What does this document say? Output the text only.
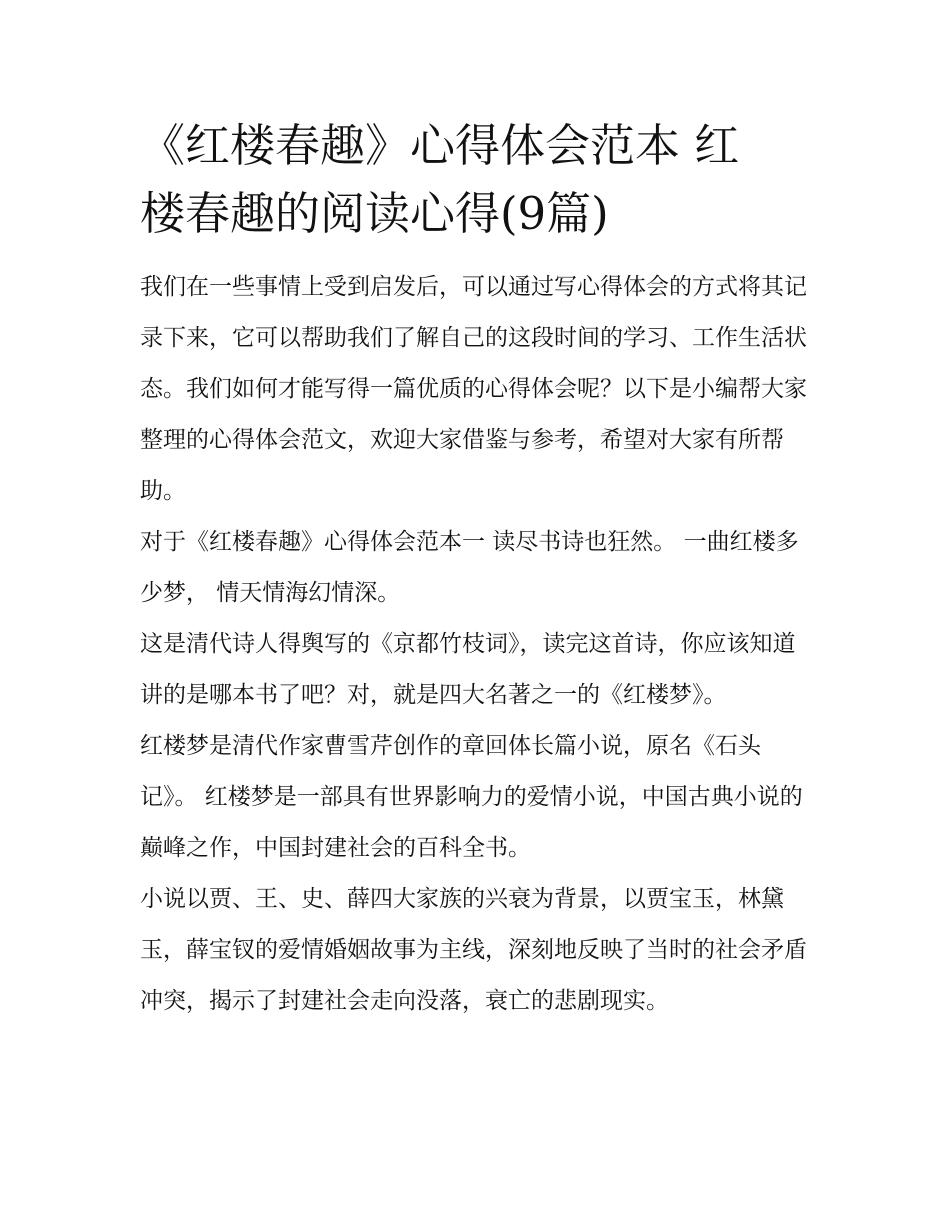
《红楼春趣》心得体会范本 红
楼春趣的阅读心得(9篇)

我们在一些事情上受到启发后，可以通过写心得体会的方式将其记录下来，它可以帮助我们了解自己的这段时间的学习、工作生活状态。我们如何才能写得一篇优质的心得体会呢？以下是小编帮大家整理的心得体会范文，欢迎大家借鉴与参考，希望对大家有所帮助。

对于《红楼春趣》心得体会范本一 读尽书诗也狂然。 一曲红楼多少梦， 情天情海幻情深。

这是清代诗人得舆写的《京都竹枝词》，读完这首诗，你应该知道讲的是哪本书了吧？对，就是四大名著之一的《红楼梦》。

红楼梦是清代作家曹雪芹创作的章回体长篇小说，原名《石头记》。 红楼梦是一部具有世界影响力的爱情小说，中国古典小说的巅峰之作，中国封建社会的百科全书。

小说以贾、王、史、薛四大家族的兴衰为背景，以贾宝玉，林黛玉，薛宝钗的爱情婚姻故事为主线，深刻地反映了当时的社会矛盾冲突，揭示了封建社会走向没落，衰亡的悲剧现实。
